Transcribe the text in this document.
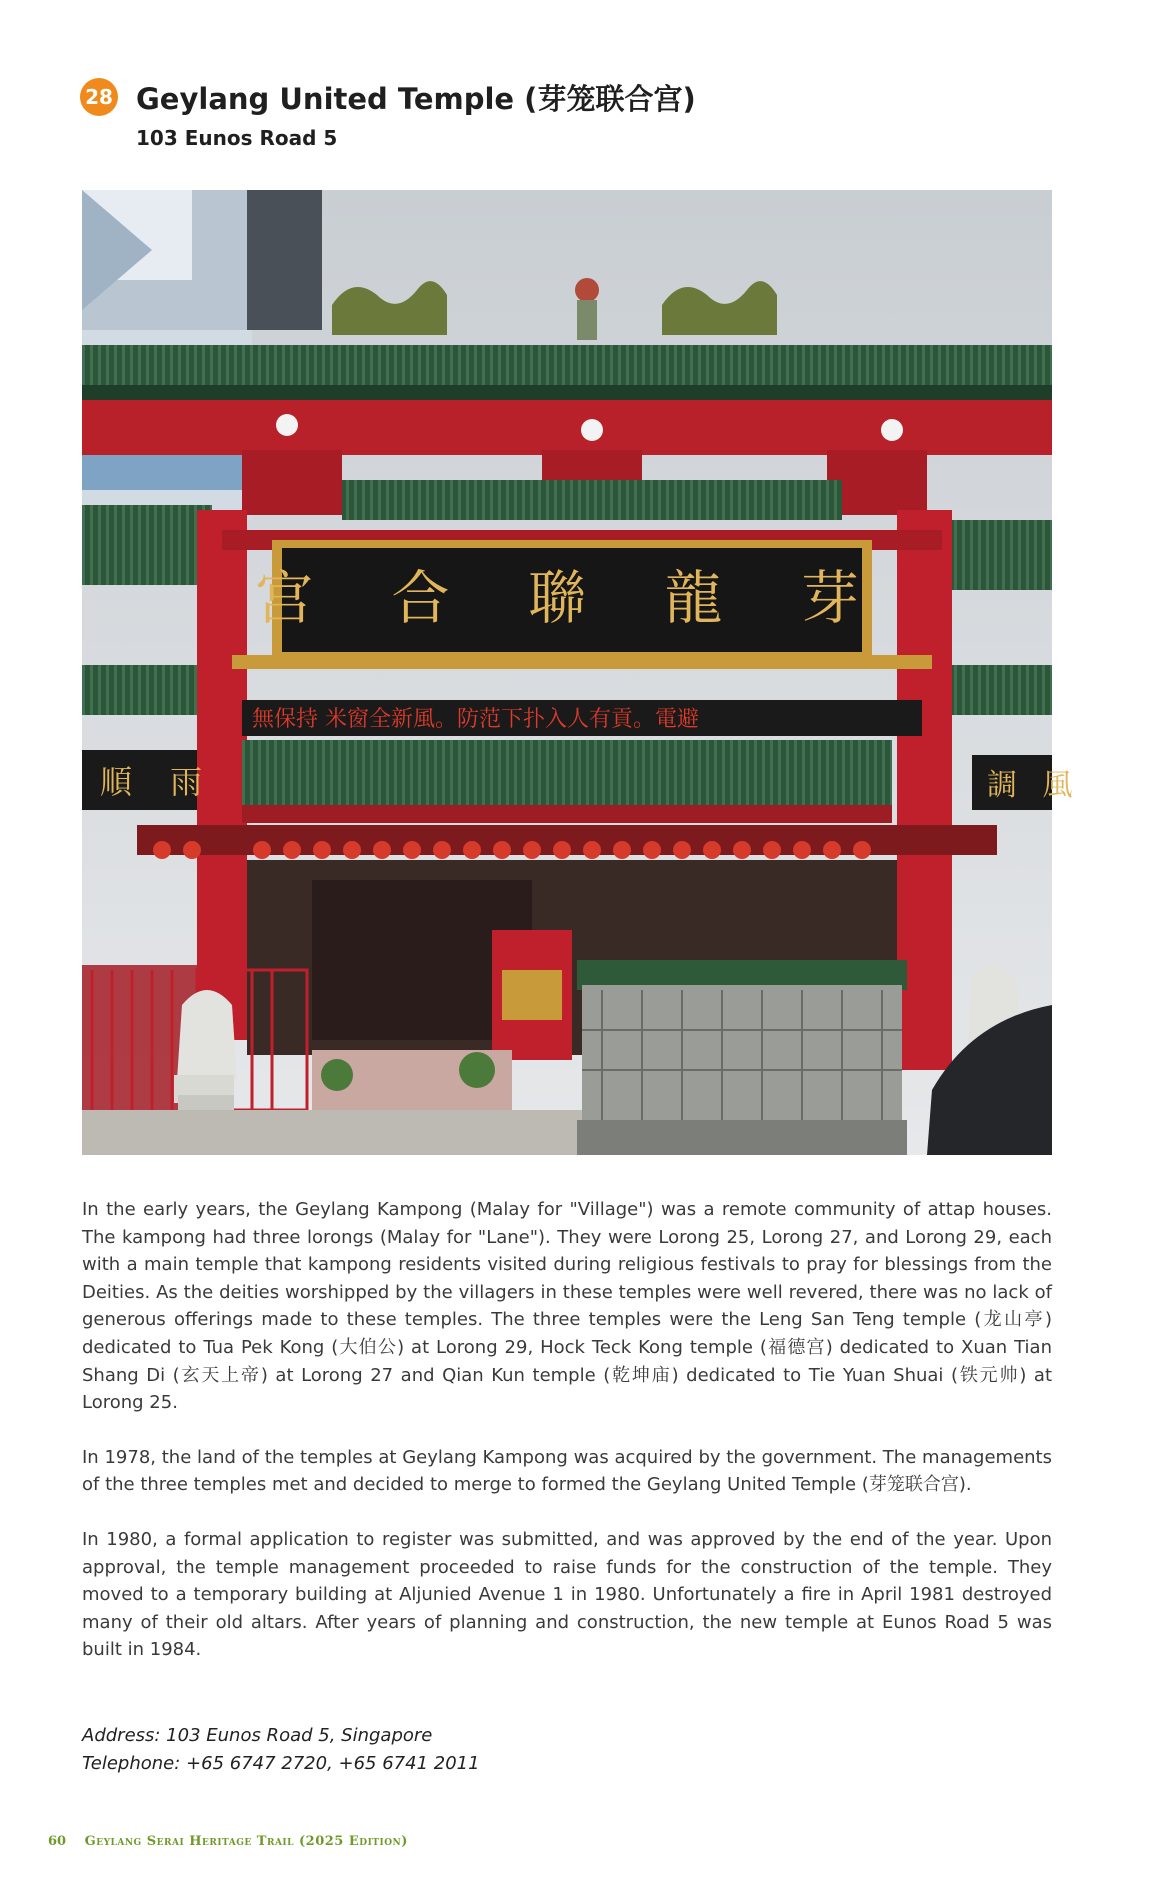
28 Geylang United Temple (芽笼联合宫)
103 Eunos Road 5
宫 合 聯 龍 芽
無保持 米窗全新風。防范下扑入人有貢。電避
順 雨	調 風

In the early years, the Geylang Kampong (Malay for "Village") was a remote community of attap houses. The kampong had three lorongs (Malay for "Lane"). They were Lorong 25, Lorong 27, and Lorong 29, each with a main temple that kampong residents visited during religious festivals to pray for blessings from the Deities. As the deities worshipped by the villagers in these temples were well revered, there was no lack of generous offerings made to these temples. The three temples were the Leng San Teng temple (龙山亭) dedicated to Tua Pek Kong (大伯公) at Lorong 29, Hock Teck Kong temple (福德宫) dedicated to Xuan Tian Shang Di (玄天上帝) at Lorong 27 and Qian Kun temple (乾坤庙) dedicated to Tie Yuan Shuai (铁元帅) at Lorong 25.

In 1978, the land of the temples at Geylang Kampong was acquired by the government. The managements of the three temples met and decided to merge to formed the Geylang United Temple (芽笼联合宫).

In 1980, a formal application to register was submitted, and was approved by the end of the year. Upon approval, the temple management proceeded to raise funds for the construction of the temple. They moved to a temporary building at Aljunied Avenue 1 in 1980. Unfortunately a fire in April 1981 destroyed many of their old altars. After years of planning and construction, the new temple at Eunos Road 5 was built in 1984.

Address: 103 Eunos Road 5, Singapore
Telephone: +65 6747 2720, +65 6741 2011
60 Geylang Serai Heritage Trail (2025 Edition)
